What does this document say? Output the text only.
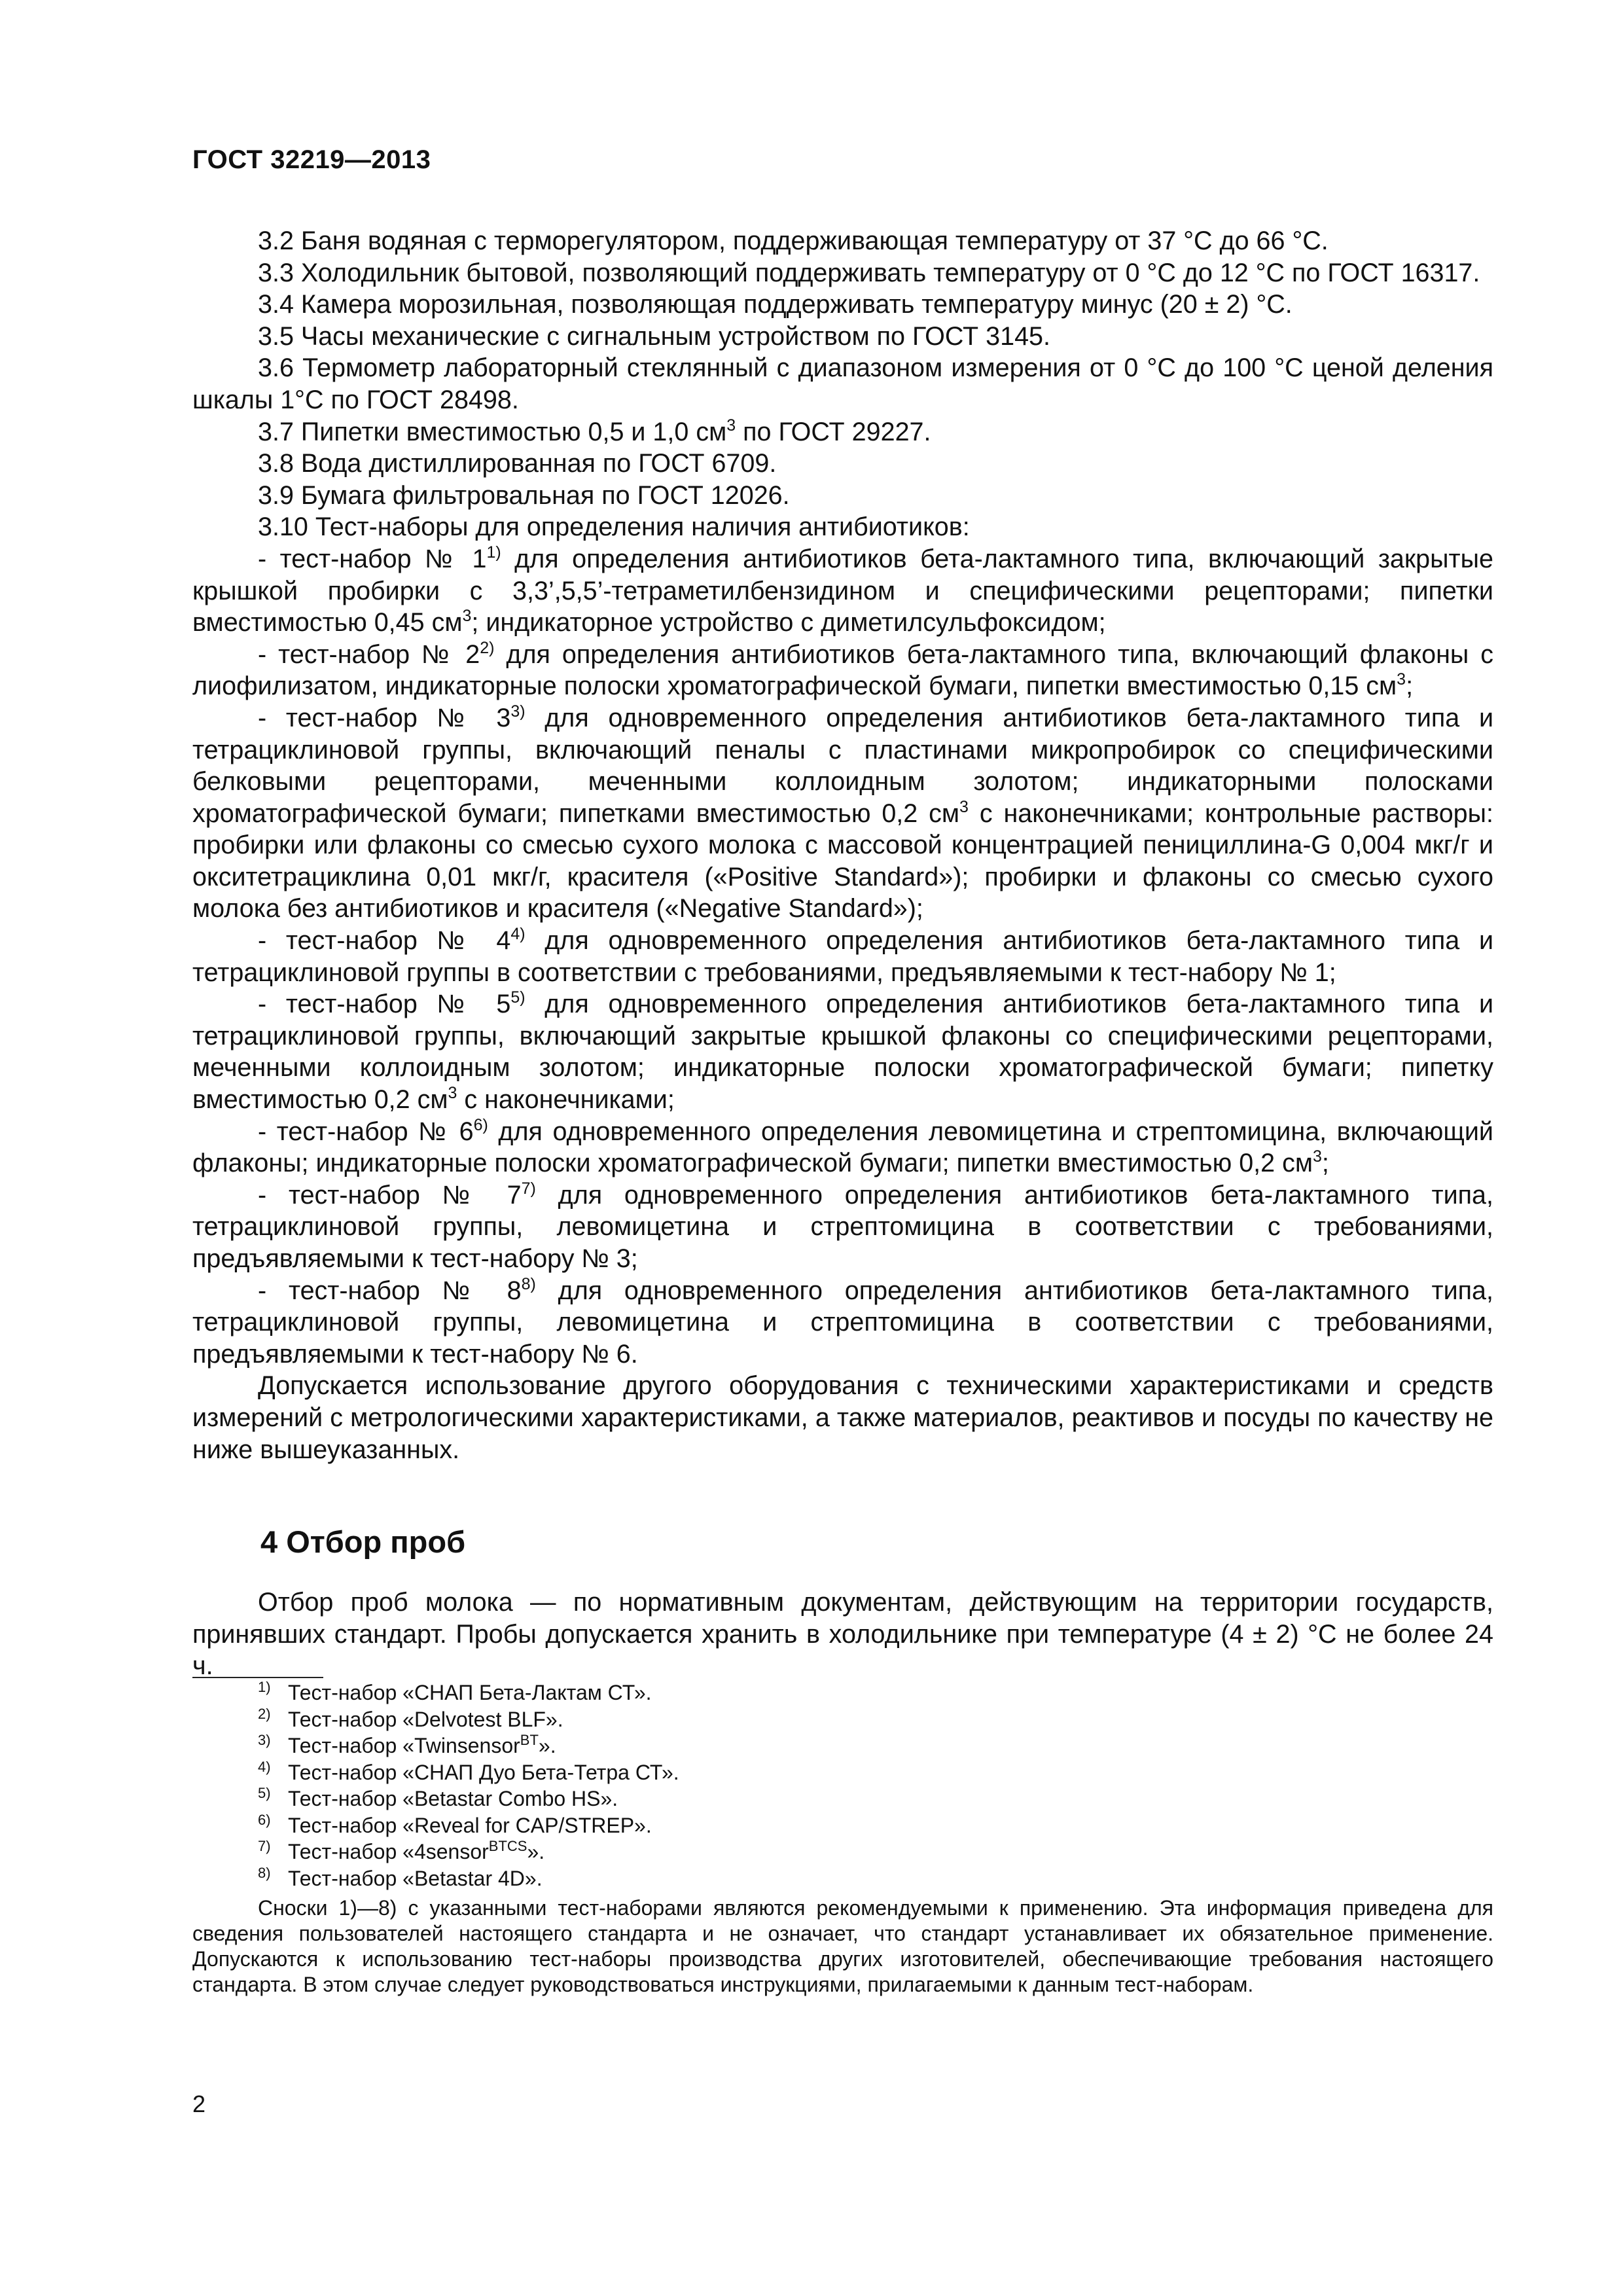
ГОСТ 32219—2013

3.2 Баня водяная с терморегулятором, поддерживающая температуру от 37 °С до 66 °С.

3.3 Холодильник бытовой, позволяющий поддерживать температуру от 0 °С до 12 °С по ГОСТ 16317.

3.4 Камера морозильная, позволяющая поддерживать температуру минус (20 ± 2) °С.

3.5 Часы механические с сигнальным устройством по ГОСТ 3145.

3.6 Термометр лабораторный стеклянный с диапазоном измерения от 0 °С до 100 °С ценой деления шкалы 1°С по ГОСТ 28498.

3.7 Пипетки вместимостью 0,5 и 1,0 $см^3$ по ГОСТ 29227.

3.8 Вода дистиллированная по ГОСТ 6709.

3.9 Бумага фильтровальная по ГОСТ 12026.

3.10 Тест-наборы для определения наличия антибиотиков:

- тест-набор № 1$^{1)}$ для определения антибиотиков бета-лактамного типа, включающий закрытые крышкой пробирки с 3,3’,5,5’-тетраметилбензидином и специфическими рецепторами; пипетки вместимостью 0,45 $см^3$; индикаторное устройство с диметилсульфоксидом;

- тест-набор № 2$^{2)}$ для определения антибиотиков бета-лактамного типа, включающий флаконы с лиофилизатом, индикаторные полоски хроматографической бумаги, пипетки вместимостью 0,15 $см^3$;

- тест-набор № 3$^{3)}$ для одновременного определения антибиотиков бета-лактамного типа и тетрациклиновой группы, включающий пеналы с пластинами микропробирок со специфическими белковыми рецепторами, меченными коллоидным золотом; индикаторными полосками хроматографической бумаги; пипетками вместимостью 0,2 $см^3$ с наконечниками; контрольные растворы: пробирки или флаконы со смесью сухого молока с массовой концентрацией пенициллина-G 0,004 мкг/г и окситетрациклина 0,01 мкг/г, красителя («Positive Standard»); пробирки и флаконы со смесью сухого молока без антибиотиков и красителя («Negative Standard»);

- тест-набор № 4$^{4)}$ для одновременного определения антибиотиков бета-лактамного типа и тетрациклиновой группы в соответствии с требованиями, предъявляемыми к тест-набору № 1;

- тест-набор № 5$^{5)}$ для одновременного определения антибиотиков бета-лактамного типа и тетрациклиновой группы, включающий закрытые крышкой флаконы со специфическими рецепторами, меченными коллоидным золотом; индикаторные полоски хроматографической бумаги; пипетку вместимостью 0,2 $см^3$ с наконечниками;

- тест-набор № 6$^{6)}$ для одновременного определения левомицетина и стрептомицина, включающий флаконы; индикаторные полоски хроматографической бумаги; пипетки вместимостью 0,2 $см^3$;

- тест-набор № 7$^{7)}$ для одновременного определения антибиотиков бета-лактамного типа, тетрациклиновой группы, левомицетина и стрептомицина в соответствии с требованиями, предъявляемыми к тест-набору № 3;

- тест-набор № 8$^{8)}$ для одновременного определения антибиотиков бета-лактамного типа, тетрациклиновой группы, левомицетина и стрептомицина в соответствии с требованиями, предъявляемыми к тест-набору № 6.

Допускается использование другого оборудования с техническими характеристиками и средств измерений с метрологическими характеристиками, а также материалов, реактивов и посуды по качеству не ниже вышеуказанных.

4 Отбор проб

Отбор проб молока — по нормативным документам, действующим на территории государств, принявших стандарт. Пробы допускается хранить в холодильнике при температуре (4 ± 2) °С не более 24 ч.

$^{1)}$ Тест-набор «СНАП Бета-Лактам СТ».
$^{2)}$ Тест-набор «Delvotest BLF».
$^{3)}$ Тест-набор «Twinsensor$^{BT}$».
$^{4)}$ Тест-набор «СНАП Дуо Бета-Тетра СТ».
$^{5)}$ Тест-набор «Betastar Combo HS».
$^{6)}$ Тест-набор «Reveal for CAP/STREP».
$^{7)}$ Тест-набор «4sensor$^{BTCS}$».
$^{8)}$ Тест-набор «Betastar 4D».
Сноски 1)—8) с указанными тест-наборами являются рекомендуемыми к применению. Эта информация приведена для сведения пользователей настоящего стандарта и не означает, что стандарт устанавливает их обязательное применение. Допускаются к использованию тест-наборы производства других изготовителей, обеспечивающие требования настоящего стандарта. В этом случае следует руководствоваться инструкциями, прилагаемыми к данным тест-наборам.
2
